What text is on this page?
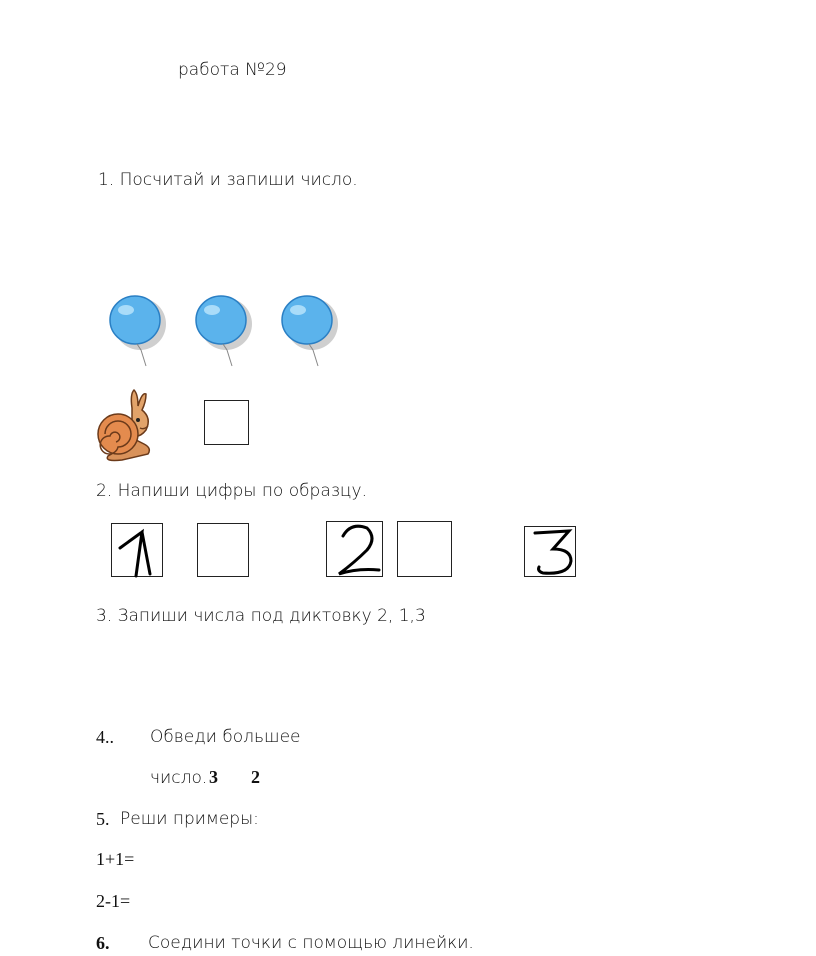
работа №29
1. Посчитай и запиши число.
2. Напиши цифры по образцу.
3. Запиши числа под диктовку 2, 1,3
4.. Обведи большее
число. 3 2
5. Реши примеры:
1+1=
2-1=
6. Соедини точки с помощью линейки.
